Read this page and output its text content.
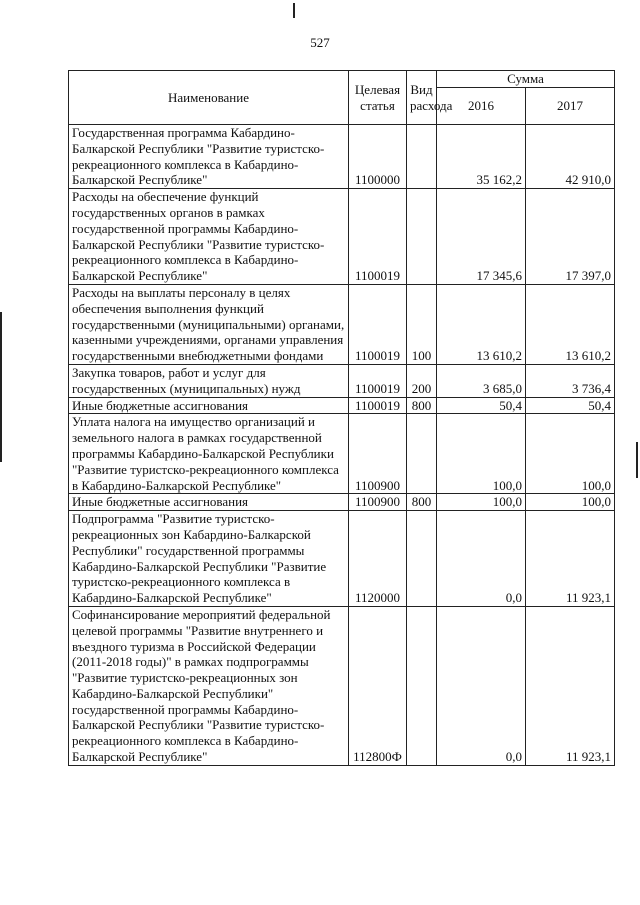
527
Наименование	Целевая статья	Вид расхода	Сумма	
			2016	2017
Государственная программа Кабардино-Балкарской Республики "Развитие туристско-рекреационного комплекса в Кабардино-Балкарской Республике"	1100000		35 162,2	42 910,0
Расходы на обеспечение функций государственных органов в рамках государственной программы Кабардино-Балкарской Республики "Развитие туристско-рекреационного комплекса в Кабардино-Балкарской Республике"	1100019		17 345,6	17 397,0
Расходы на выплаты персоналу в целях обеспечения выполнения функций государственными (муниципальными) органами, казенными учреждениями, органами управления государственными внебюджетными фондами	1100019	100	13 610,2	13 610,2
Закупка товаров, работ и услуг для государственных (муниципальных) нужд	1100019	200	3 685,0	3 736,4
Иные бюджетные ассигнования	1100019	800	50,4	50,4
Уплата налога на имущество организаций и земельного налога в рамках государственной программы Кабардино-Балкарской Республики "Развитие туристско-рекреационного комплекса в Кабардино-Балкарской Республике"	1100900		100,0	100,0
Иные бюджетные ассигнования	1100900	800	100,0	100,0
Подпрограмма "Развитие туристско-рекреационных зон Кабардино-Балкарской Республики" государственной программы Кабардино-Балкарской Республики "Развитие туристско-рекреационного комплекса в Кабардино-Балкарской Республике"	1120000		0,0	11 923,1
Софинансирование мероприятий федеральной целевой программы "Развитие внутреннего и въездного туризма в Российской Федерации (2011-2018 годы)" в рамках подпрограммы "Развитие туристско-рекреационных зон Кабардино-Балкарской Республики" государственной программы Кабардино-Балкарской Республики "Развитие туристско-рекреационного комплекса в Кабардино-Балкарской Республике"	112800Ф		0,0	11 923,1
